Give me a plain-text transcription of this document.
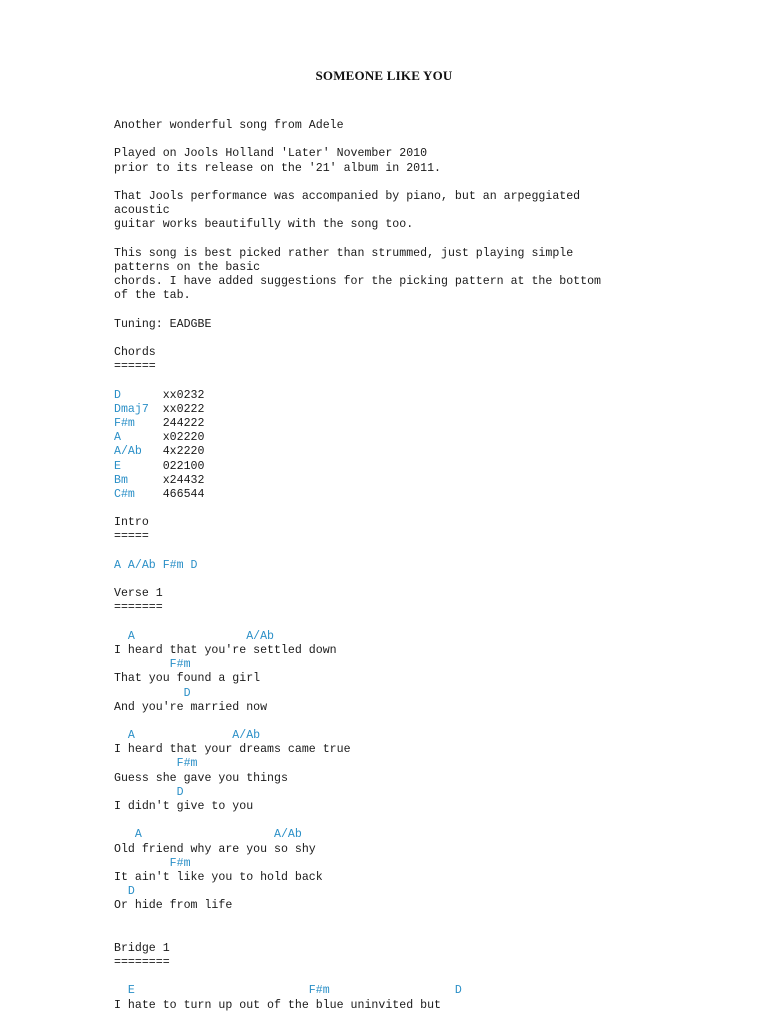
SOMEONE LIKE YOU
Another wonderful song from Adele

Played on Jools Holland 'Later' November 2010
prior to its release on the '21' album in 2011.

That Jools performance was accompanied by piano, but an arpeggiated
acoustic
guitar works beautifully with the song too.

This song is best picked rather than strummed, just playing simple
patterns on the basic
chords. I have added suggestions for the picking pattern at the bottom
of the tab.

Tuning: EADGBE

Chords
======

D      xx0232
Dmaj7  xx0222
F#m    244222
A      x02220
A/Ab   4x2220
E      022100
Bm     x24432
C#m    466544

Intro
=====

A A/Ab F#m D

Verse 1
=======

A                A/Ab
I heard that you're settled down
F#m
That you found a girl
D
And you're married now

A              A/Ab
I heard that your dreams came true
F#m
Guess she gave you things
D
I didn't give to you

A                   A/Ab
Old friend why are you so shy
F#m
It ain't like you to hold back
D
Or hide from life

Bridge 1
========

E                         F#m                  D
I hate to turn up out of the blue uninvited but
